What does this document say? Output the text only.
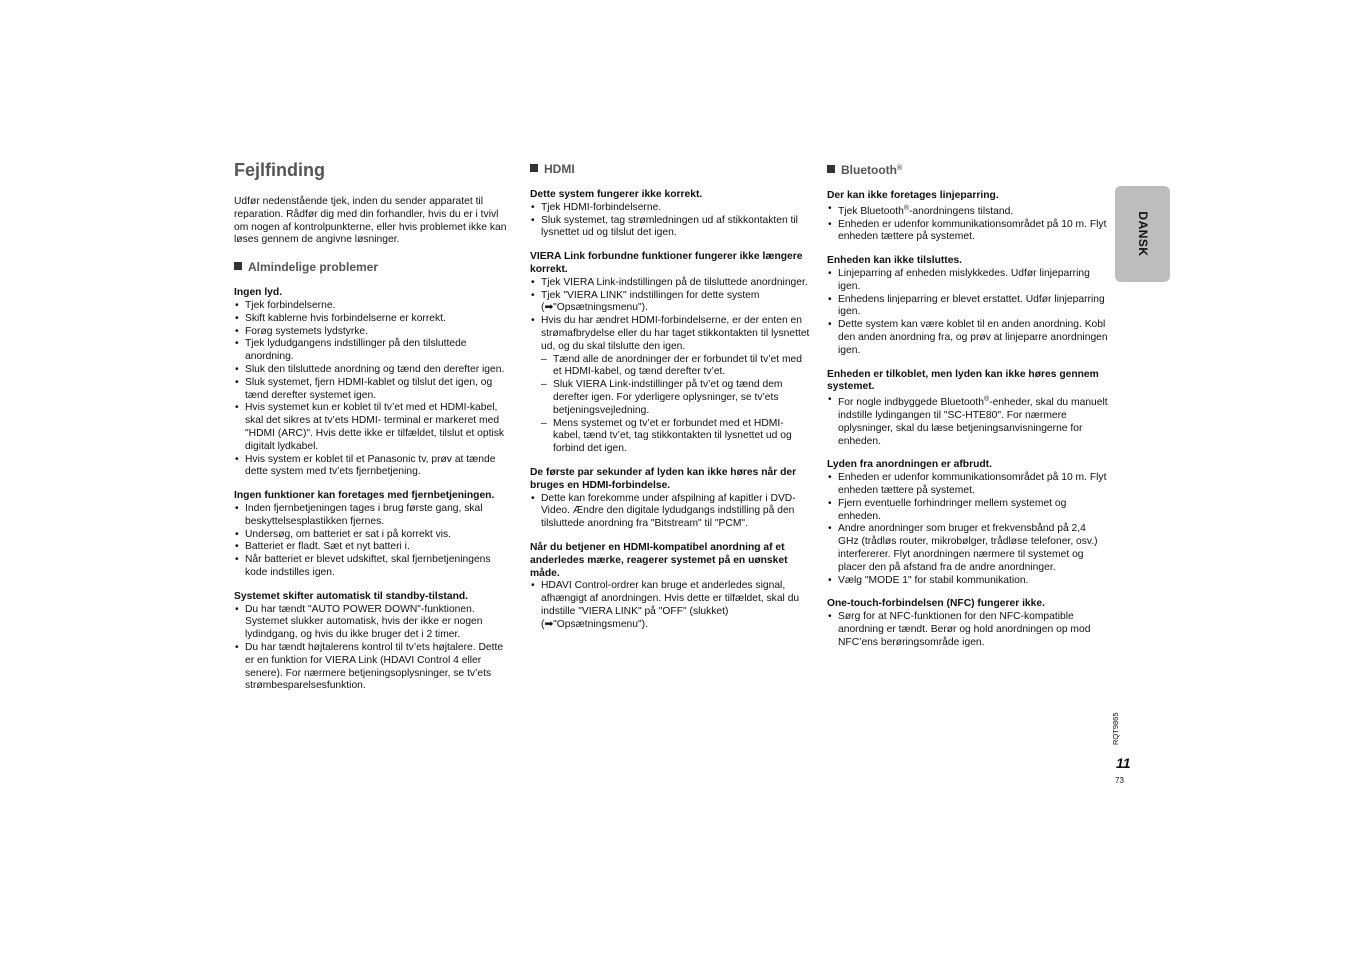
Fejlfinding

Udfør nedenstående tjek, inden du sender apparatet til reparation. Rådfør dig med din forhandler, hvis du er i tvivl om nogen af kontrolpunkterne, eller hvis problemet ikke kan løses gennem de angivne løsninger.

Almindelige problemer

Ingen lyd.

• Tjek forbindelserne.
• Skift kablerne hvis forbindelserne er korrekt.
• Forøg systemets lydstyrke.
• Tjek lydudgangens indstillinger på den tilsluttede anordning.
• Sluk den tilsluttede anordning og tænd den derefter igen.
• Sluk systemet, fjern HDMI-kablet og tilslut det igen, og tænd derefter systemet igen.
• Hvis systemet kun er koblet til tv’et med et HDMI-kabel, skal det sikres at tv’ets HDMI- terminal er markeret med "HDMI (ARC)". Hvis dette ikke er tilfældet, tilslut et optisk digitalt lydkabel.
• Hvis system er koblet til et Panasonic tv, prøv at tænde dette system med tv’ets fjernbetjening.

Ingen funktioner kan foretages med fjernbetjeningen.

• Inden fjernbetjeningen tages i brug første gang, skal beskyttelsesplastikken fjernes.
• Undersøg, om batteriet er sat i på korrekt vis.
• Batteriet er fladt. Sæt et nyt batteri i.
• Når batteriet er blevet udskiftet, skal fjernbetjeningens kode indstilles igen.

Systemet skifter automatisk til standby-tilstand.

• Du har tændt "AUTO POWER DOWN"-funktionen. Systemet slukker automatisk, hvis der ikke er nogen lydindgang, og hvis du ikke bruger det i 2 timer.
• Du har tændt højtalerens kontrol til tv’ets højtalere. Dette er en funktion for VIERA Link (HDAVI Control 4 eller senere). For nærmere betjeningsoplysninger, se tv’ets strømbesparelsesfunktion.
HDMI

Dette system fungerer ikke korrekt.

• Tjek HDMI-forbindelserne.
• Sluk systemet, tag strømledningen ud af stikkontakten til lysnettet ud og tilslut det igen.

VIERA Link forbundne funktioner fungerer ikke længere korrekt.

• Tjek VIERA Link-indstillingen på de tilsluttede anordninger.
• Tjek "VIERA LINK" indstillingen for dette system
(➡"Opsætningsmenu").
• Hvis du har ændret HDMI-forbindelserne, er der enten en strømafbrydelse eller du har taget stikkontakten til lysnettet ud, og du skal tilslutte den igen.
– Tænd alle de anordninger der er forbundet til tv’et med et HDMI-kabel, og tænd derefter tv’et.
– Sluk VIERA Link-indstillinger på tv’et og tænd dem derefter igen. For yderligere oplysninger, se tv’ets betjeningsvejledning.
– Mens systemet og tv’et er forbundet med et HDMI-kabel, tænd tv’et, tag stikkontakten til lysnettet ud og forbind det igen.

De første par sekunder af lyden kan ikke høres når der bruges en HDMI-forbindelse.

• Dette kan forekomme under afspilning af kapitler i DVD-Video. Ændre den digitale lydudgangs indstilling på den tilsluttede anordning fra "Bitstream" til "PCM".

Når du betjener en HDMI-kompatibel anordning af et anderledes mærke, reagerer systemet på en uønsket måde.

• HDAVI Control-ordrer kan bruge et anderledes signal, afhængigt af anordningen. Hvis dette er tilfældet, skal du indstille "VIERA LINK" på "OFF" (slukket)
(➡"Opsætningsmenu").
Bluetooth®

Der kan ikke foretages linjeparring.

• Tjek Bluetooth®-anordningens tilstand.
• Enheden er udenfor kommunikationsområdet på 10 m. Flyt enheden tættere på systemet.

Enheden kan ikke tilsluttes.

• Linjeparring af enheden mislykkedes. Udfør linjeparring igen.
• Enhedens linjeparring er blevet erstattet. Udfør linjeparring igen.
• Dette system kan være koblet til en anden anordning. Kobl den anden anordning fra, og prøv at linjeparre anordningen igen.

Enheden er tilkoblet, men lyden kan ikke høres gennem systemet.

• For nogle indbyggede Bluetooth®-enheder, skal du manuelt indstille lydingangen til "SC-HTE80". For nærmere oplysninger, skal du læse betjeningsanvisningerne for enheden.

Lyden fra anordningen er afbrudt.

• Enheden er udenfor kommunikationsområdet på 10 m. Flyt enheden tættere på systemet.
• Fjern eventuelle forhindringer mellem systemet og enheden.
• Andre anordninger som bruger et frekvensbånd på 2,4 GHz (trådløs router, mikrobølger, trådløse telefoner, osv.) interfererer. Flyt anordningen nærmere til systemet og placer den på afstand fra de andre anordninger.
• Vælg "MODE 1" for stabil kommunikation.

One-touch-forbindelsen (NFC) fungerer ikke.

• Sørg for at NFC-funktionen for den NFC-kompatible anordning er tændt. Berør og hold anordningen op mod NFC’ens berøringsområde igen.
DANSK
RQT9865
11
73
